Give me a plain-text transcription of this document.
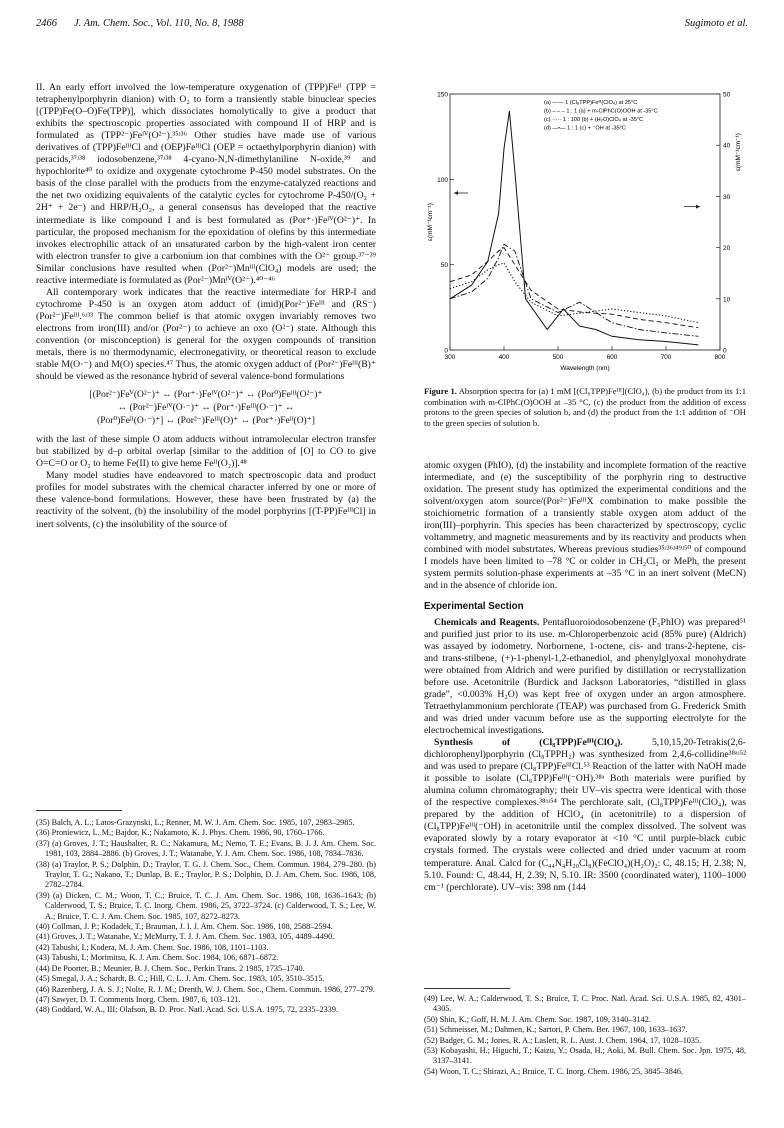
2466	J. Am. Chem. Soc., Vol. 110, No. 8, 1988	Sugimoto et al.

II. An early effort involved the low-temperature oxygenation of (TPP)Feᴵᴵ (TPP = tetraphenylporphyrin dianion) with O₂ to form a transiently stable binuclear species [(TPP)Fe(O–O)Fe(TPP)], which dissociates homolytically to give a product that exhibits the spectroscopic properties associated with compound II of HRP and is formulated as (TPP²⁻)Feᴵⱽ(O²⁻).³⁵ʴ³⁶ Other studies have made use of various derivatives of (TPP)FeᴵᴵᴵCl and (OEP)FeᴵᴵᴵCl (OEP = octaethylporphyrin dianion) with peracids,³⁷ʴ³⁸ iodosobenzene,³⁷ʴ³⁸ 4-cyano-N,N-dimethylaniline N-oxide,³⁹ and hypochlorite⁴⁰ to oxidize and oxygenate cytochrome P-450 model substrates. On the basis of the close parallel with the products from the enzyme-catalyzed reactions and the net two oxidizing equivalents of the catalytic cycles for cytochrome P-450/(O₂ + 2H⁺ + 2e⁻) and HRP/H₂O₂, a general consensus has developed that the reactive intermediate is like compound I and is best formulated as (Por⁺·)Feᴵⱽ(O²⁻)⁺. In particular, the proposed mechanism for the epoxidation of olefins by this intermediate invokes electrophilic attack of an unsaturated carbon by the high-valent iron center with electron transfer to give a carbonium ion that combines with the O²⁻ group.³⁷⁻³⁹ Similar conclusions have resulted when (Por²⁻)Mnᴵᴵᴵ(ClO₄) models are used; the reactive intermediate is formulated as (Por²⁻)Mnᴵⱽ(O²⁻).⁴⁰⁻⁴⁶

All contemporary work indicates that the reactive intermediate for HRP-I and cytochrome P-450 is an oxygen atom adduct of (imid)(Por²⁻)Feᴵᴵᴵ and (RS⁻)(Por²⁻)Feᴵᴵᴵ.⁶ʴ³³ The common belief is that atomic oxygen invariably removes two electrons from iron(III) and/or (Por²⁻) to achieve an oxo (O²⁻) state. Although this convention (or misconception) is general for the oxygen compounds of transition metals, there is no thermodynamic, electronegativity, or theoretical reason to exclude stable M(O·⁻) and M(O) species.⁴⁷ Thus, the atomic oxygen adduct of (Por²⁻)Feᴵᴵᴵ(B)⁺ should be viewed as the resonance hybrid of several valence-bond formulations

[(Por²⁻)Feⱽ(O²⁻)⁺ ↔ (Por⁺·)Feᴵⱽ(O²⁻)⁺ ↔ (Por⁰)Feᴵᴵᴵ(O²⁻)⁺
↔ (Por²⁻)Feᴵⱽ(O·⁻)⁺ ↔ (Por⁺·)Feᴵᴵᴵ(O·⁻)⁺ ↔
(Por⁰)Feᴵᴵ(O·⁻)⁺] ↔ (Por²⁻)Feᴵᴵᴵ(O)⁺ ↔ (Por⁺·)Feᴵᴵ(O)⁺]

with the last of these simple O atom adducts without intramolecular electron transfer but stabilized by d–p orbital overlap [similar to the addition of [O] to CO to give O=C=O or O₂ to heme Fe(II) to give heme Feᴵᴵ(O₂)].⁴⁸

Many model studies have endeavored to match spectroscopic data and product profiles for model substrates with the chemical character inferred by one or more of these valence-bond formulations. However, these have been frustrated by (a) the reactivity of the solvent, (b) the insolubility of the model porphyrins [(T-PP)FeᴵᴵᴵCl] in inert solvents, (c) the insolubility of the source of

(35) Balch, A. L.; Latos-Grazynski, L.; Renner, M. W. J. Am. Chem. Soc. 1985, 107, 2983–2985.
(36) Proniewicz, L. M.; Bajdor, K.; Nakamoto, K. J. Phys. Chem. 1986, 90, 1760–1766.
(37) (a) Groves, J. T.; Haushalter, R. C.; Nakamura, M.; Nemo, T. E.; Evans, B. J. J. Am. Chem. Soc. 1981, 103, 2884–2886. (b) Groves, J. T.; Watanabe, Y. J. Am. Chem. Soc. 1986, 108, 7834–7836.
(38) (a) Traylor, P. S.; Dolphin, D.; Traylor, T. G. J. Chem. Soc., Chem. Commun. 1984, 279–280. (b) Traylor, T. G.; Nakano, T.; Dunlap, B. E.; Traylor, P. S.; Dolphin, D. J. Am. Chem. Soc. 1986, 108, 2782–2784.
(39) (a) Dicken, C. M.; Woon, T. C.; Bruice, T. C. J. Am. Chem. Soc. 1986, 108, 1636–1643; (b) Calderwood, T. S.; Bruice, T. C. Inorg. Chem. 1986, 25, 3722–3724. (c) Calderwood, T. S.; Lee, W. A.; Bruice, T. C. J. Am. Chem. Soc. 1985, 107, 8272–8273.
(40) Collman, J. P.; Kodadek, T.; Brauman, J. I. J. Am. Chem. Soc. 1986, 108, 2588–2594.
(41) Groves, J. T.; Watanabe, Y.; McMurry, T. J. J. Am. Chem. Soc. 1983, 105, 4489–4490.
(42) Tabushi, I.; Kodera, M. J. Am. Chem. Soc. 1986, 108, 1101–1103.
(43) Tabushi, I.; Morimitsu, K. J. Am. Chem. Soc. 1984, 106, 6871–6872.
(44) De Poorter, B.; Meunier, B. J. Chem. Soc., Perkin Trans. 2 1985, 1735–1740.
(45) Smegal, J. A.; Schardt, B. C.; Hill, C. L. J. Am. Chem. Soc. 1983, 105, 3510–3515.
(46) Razenberg, J. A. S. J.; Nolte, R. J. M.; Drenth, W. J. Chem. Soc., Chem. Commun. 1986, 277–279.
(47) Sawyer, D. T. Comments Inorg. Chem. 1987, 6, 103–121.
(48) Goddard, W. A., III; Olafson, B. D. Proc. Natl. Acad. Sci. U.S.A. 1975, 72, 2335–2339.
300	400	500	600	700	800
0
50
100
150
0
10
20
30
40
50
Wavelength (nm)
ε(mM⁻¹cm⁻¹)
ε(mM⁻¹cm⁻¹)
(a) —— 1 (Cl₈TPP)Feᴵᴵᴵ(ClO₄) at 25°C
(b) – – – 1 : 1 (a) + m-ClPhC(O)OOH at -35°C
(c) ····· 1 : 100 (b) + (H₂O)ClO₄ at -35°C
(d) —•— 1 : 1 (c) + ⁻OH at -35°C
Figure 1. Absorption spectra for (a) 1 mM [(Cl₈TPP)Feᴵᴵᴵ](ClO₄), (b) the product from its 1:1 combination with m-ClPhC(O)OOH at –35 °C, (c) the product from the addition of excess protons to the green species of solution b, and (d) the product from the 1:1 addition of ⁻OH to the green species of solution b.

atomic oxygen (PhIO), (d) the instability and incomplete formation of the reactive intermediate, and (e) the susceptibility of the porphyrin ring to destructive oxidation. The present study has optimized the experimental conditions and the solvent/oxygen atom source/(Por²⁻)FeᴵᴵᴵX combination to make possible the stoichiometric formation of a transiently stable oxygen atom adduct of the iron(III)–porphyrin. This species has been characterized by spectroscopy, cyclic voltammetry, and magnetic measurements and by its reactivity and products when combined with model substrtates. Whereas previous studies³⁵ʴ³⁶ʴ⁴⁹ʴ⁵⁰ of compound I models have been limited to –78 °C or colder in CH₂Cl₂ or MePh, the present system permits solution-phase experiments at –35 °C in an inert solvent (MeCN) and in the absence of chloride ion.

Experimental Section

Chemicals and Reagents. Pentafluoroiodosobenzene (F₅PhIO) was prepared⁵¹ and purified just prior to its use. m-Chloroperbenzoic acid (85% pure) (Aldrich) was assayed by iodometry. Norbornene, 1-octene, cis- and trans-2-heptene, cis- and trans-stilbene, (+)-1-phenyl-1,2-ethanediol, and phenylglyoxal monohydrate were obtained from Aldrich and were purified by distillation or recrystallization before use. Acetonitrile (Burdick and Jackson Laboratories, “distilled in glass grade”, <0.003% H₂O) was kept free of oxygen under an argon atmosphere. Tetraethylammonium perchlorate (TEAP) was purchased from G. Frederick Smith and was dried under vacuum before use as the supporting electrolyte for the electrochemical investigations.

Synthesis of (Cl₈TPP)Feᴵᴵᴵ(ClO₄). 5,10,15,20-Tetrakis(2,6-dichlorophenyl)porphyrin (Cl₈TPPH₂) was synthesized from 2,4,6-collidine³⁸ᵃʴ⁵² and was used to prepare (Cl₈TPP)FeᴵᴵᴵCl.⁵³ Reaction of the latter with NaOH made it possible to isolate (Cl₈TPP)Feᴵᴵᴵ(⁻OH).³⁸ᵃ Both materials were purified by alumina column chromatography; their UV–vis spectra were identical with those of the respective complexes.³⁸ᵃʴ⁵⁴ The perchlorate salt, (Cl₈TPP)Feᴵᴵᴵ(ClO₄), was prepared by the addition of HClO₄ (in acetonitrile) to a dispersion of (Cl₈TPP)Feᴵᴵᴵ(⁻OH) in acetonitrile until the complex dissolved. The solvent was evaporated slowly by a rotary evaporator at <10 °C until purple-black cubic crystals formed. The crystals were collected and dried under vacuum at room temperature. Anal. Calcd for (C₄₄N₄H₂₀Cl₈)(FeClO₄)(H₂O)₂: C, 48.15; H, 2.38; N, 5.10. Found: C, 48.44, H, 2.39; N, 5.10. IR: 3500 (coordinated water), 1100–1000 cm⁻¹ (perchlorate). UV–vis: 398 nm (144

(49) Lee, W. A.; Calderwood, T. S.; Bruice, T. C. Proc. Natl. Acad. Sci. U.S.A. 1985, 82, 4301–4305.
(50) Shin, K.; Goff, H. M. J. Am. Chem. Soc. 1987, 109, 3140–3142.
(51) Schmeisser, M.; Dahmen, K.; Sartori, P. Chem. Ber. 1967, 100, 1633–1637.
(52) Badger, G. M.; Jones, R. A.; Laslett, R. L. Aust. J. Chem. 1964, 17, 1028–1035.
(53) Kobayashi, H.; Higuchi, T.; Kaizu, Y.; Osada, H.; Aoki, M. Bull. Chem. Soc. Jpn. 1975, 48, 3137–3141.
(54) Woon, T. C.; Shirazi, A.; Bruice, T. C. Inorg. Chem. 1986, 25, 3845–3846.
